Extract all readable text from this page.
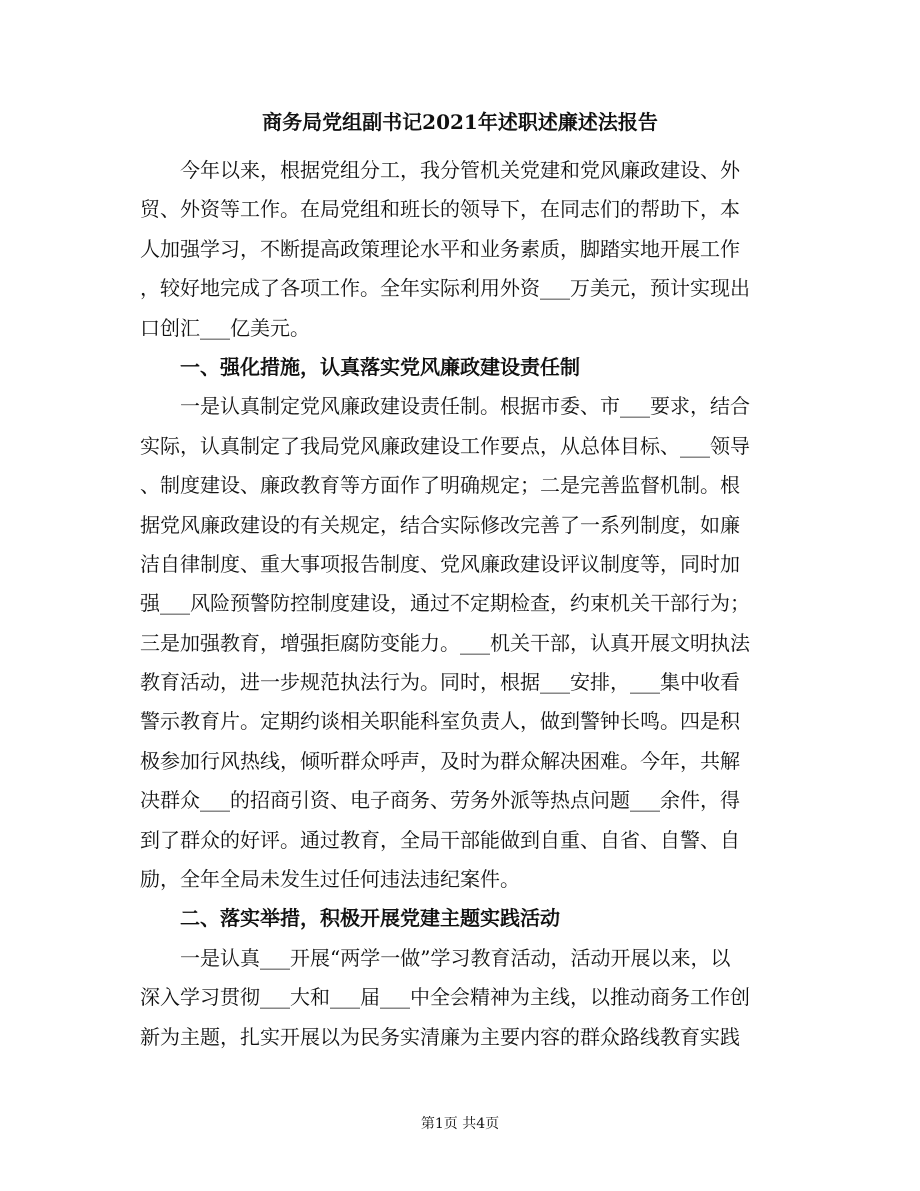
商务局党组副书记2021年述职述廉述法报告

今年以来，根据党组分工，我分管机关党建和党风廉政建设、外
贸、外资等工作。在局党组和班长的领导下，在同志们的帮助下，本
人加强学习，不断提高政策理论水平和业务素质，脚踏实地开展工作
，较好地完成了各项工作。全年实际利用外资___万美元，预计实现出
口创汇___亿美元。

一、强化措施，认真落实党风廉政建设责任制

一是认真制定党风廉政建设责任制。根据市委、市___要求，结合
实际，认真制定了我局党风廉政建设工作要点，从总体目标、___领导
、制度建设、廉政教育等方面作了明确规定；二是完善监督机制。根
据党风廉政建设的有关规定，结合实际修改完善了一系列制度，如廉
洁自律制度、重大事项报告制度、党风廉政建设评议制度等，同时加
强___风险预警防控制度建设，通过不定期检查，约束机关干部行为；
三是加强教育，增强拒腐防变能力。___机关干部，认真开展文明执法
教育活动，进一步规范执法行为。同时，根据___安排，___集中收看
警示教育片。定期约谈相关职能科室负责人，做到警钟长鸣。四是积
极参加行风热线，倾听群众呼声，及时为群众解决困难。今年，共解
决群众___的招商引资、电子商务、劳务外派等热点问题___余件，得
到了群众的好评。通过教育，全局干部能做到自重、自省、自警、自
励，全年全局未发生过任何违法违纪案件。

二、落实举措，积极开展党建主题实践活动

一是认真___开展“两学一做”学习教育活动，活动开展以来，以
深入学习贯彻___大和___届___中全会精神为主线，以推动商务工作创
新为主题，扎实开展以为民务实清廉为主要内容的群众路线教育实践

第1页 共4页
